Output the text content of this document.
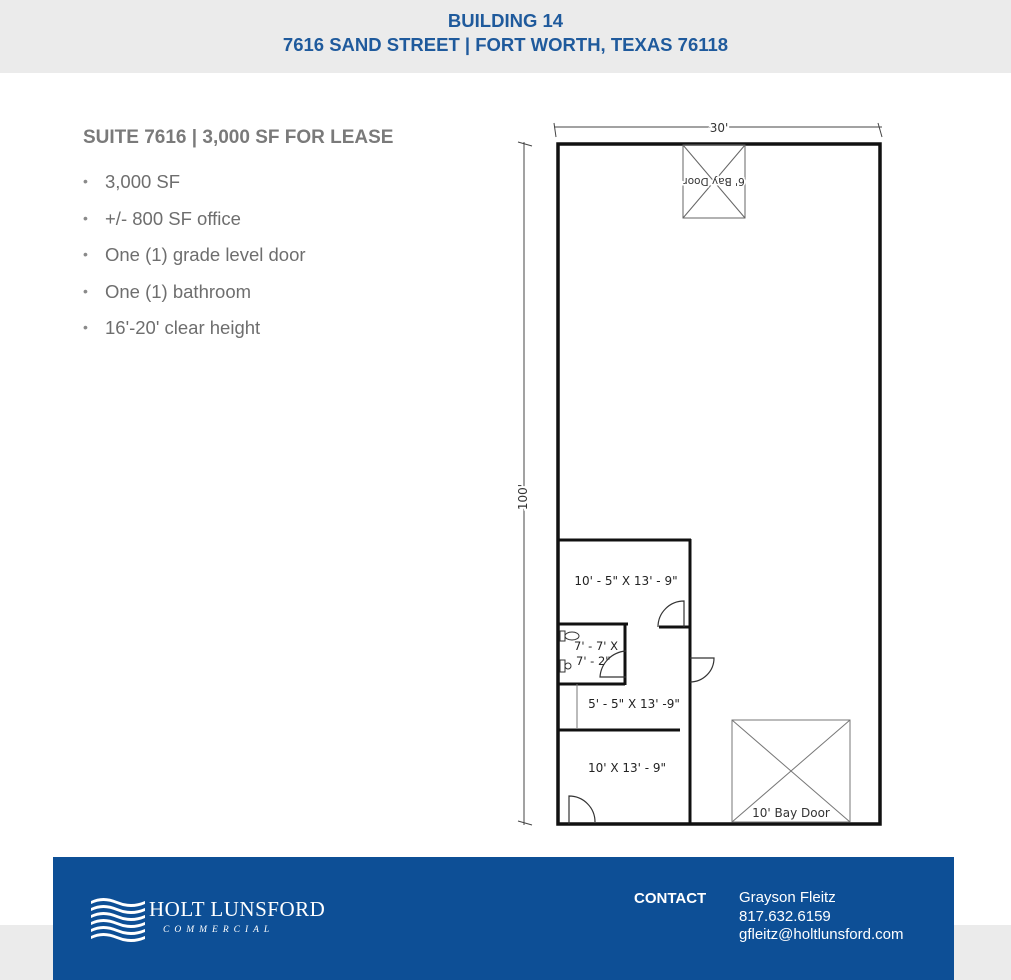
BUILDING 14
7616 SAND STREET | FORT WORTH, TEXAS 76118
SUITE 7616 | 3,000 SF FOR LEASE
• 3,000 SF
• +/- 800 SF office
• One (1) grade level door
• One (1) bathroom
• 16'-20' clear height
30'
100'
6' Bay Door
10' Bay Door
10' - 5" X 13' - 9"
7' - 7' X
7' - 2"
5' - 5" X 13' -9"
10' X 13' - 9"
HOLT LUNSFORD
COMMERCIAL
CONTACT Grayson Fleitz
817.632.6159
gfleitz@holtlunsford.com
